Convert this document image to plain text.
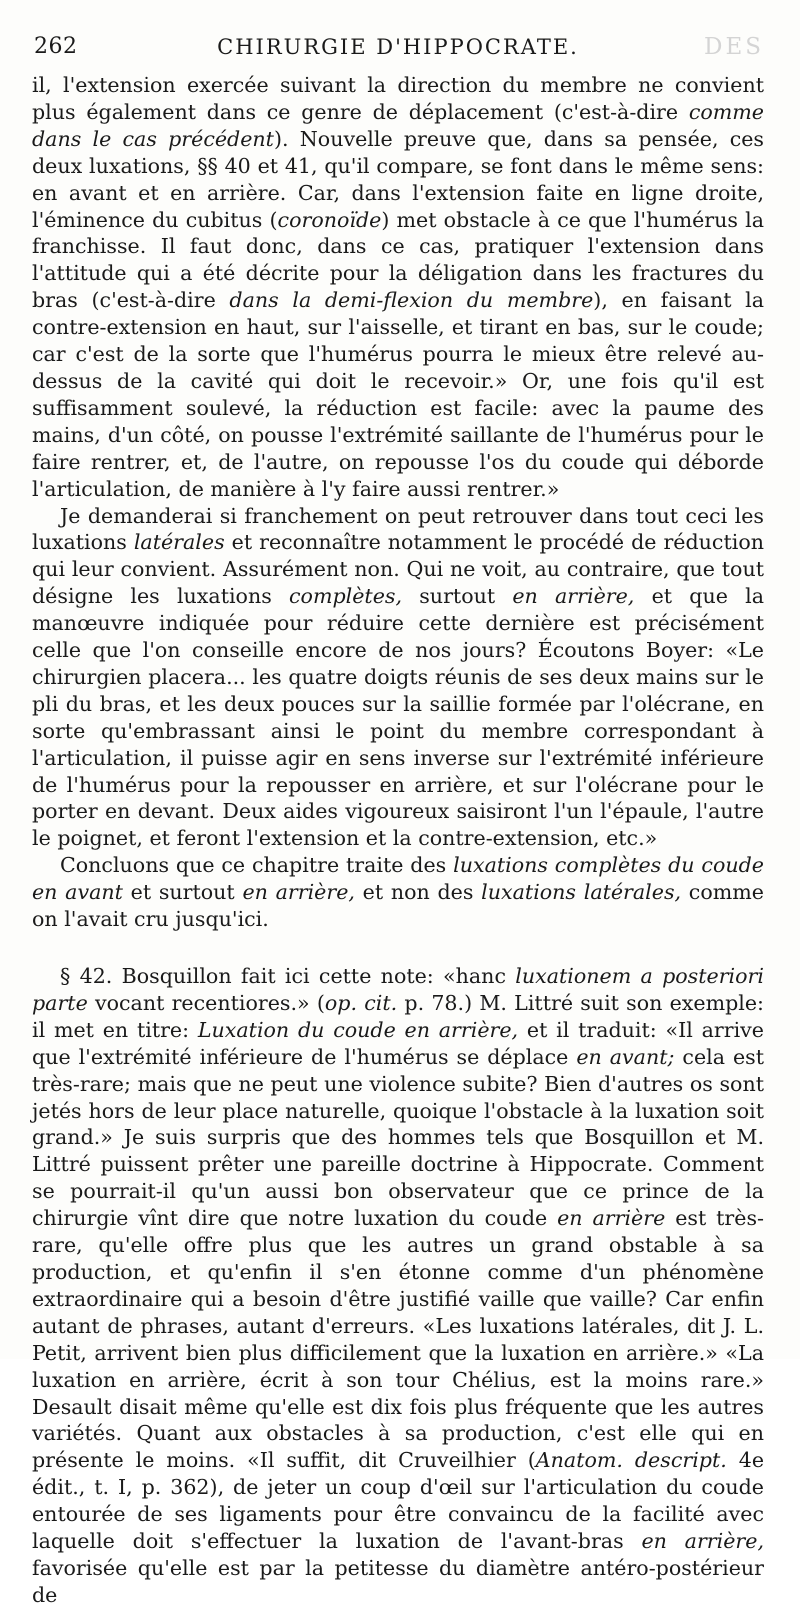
262	CHIRURGIE D'HIPPOCRATE.	DES

il, l'extension exercée suivant la direction du membre ne convient plus également dans ce genre de déplacement (c'est-à-dire comme dans le cas précédent). Nouvelle preuve que, dans sa pensée, ces deux luxations, §§ 40 et 41, qu'il compare, se font dans le même sens: en avant et en arrière. Car, dans l'extension faite en ligne droite, l'éminence du cubitus (coronoïde) met obstacle à ce que l'humérus la franchisse. Il faut donc, dans ce cas, pratiquer l'extension dans l'attitude qui a été décrite pour la déligation dans les fractures du bras (c'est-à-dire dans la demi-flexion du membre), en faisant la contre-extension en haut, sur l'aisselle, et tirant en bas, sur le coude; car c'est de la sorte que l'humérus pourra le mieux être relevé au-dessus de la cavité qui doit le recevoir.» Or, une fois qu'il est suffisamment soulevé, la réduction est facile: avec la paume des mains, d'un côté, on pousse l'extrémité saillante de l'humérus pour le faire rentrer, et, de l'autre, on repousse l'os du coude qui déborde l'articulation, de manière à l'y faire aussi rentrer.»

Je demanderai si franchement on peut retrouver dans tout ceci les luxations latérales et reconnaître notamment le procédé de réduction qui leur convient. Assurément non. Qui ne voit, au contraire, que tout désigne les luxations complètes, surtout en arrière, et que la manœuvre indiquée pour réduire cette dernière est précisément celle que l'on conseille encore de nos jours? Écoutons Boyer: «Le chirurgien placera... les quatre doigts réunis de ses deux mains sur le pli du bras, et les deux pouces sur la saillie formée par l'olécrane, en sorte qu'embrassant ainsi le point du membre correspondant à l'articulation, il puisse agir en sens inverse sur l'extrémité inférieure de l'humérus pour la repousser en arrière, et sur l'olécrane pour le porter en devant. Deux aides vigoureux saisiront l'un l'épaule, l'autre le poignet, et feront l'extension et la contre-extension, etc.»

Concluons que ce chapitre traite des luxations complètes du coude en avant et surtout en arrière, et non des luxations latérales, comme on l'avait cru jusqu'ici.

§ 42. Bosquillon fait ici cette note: «hanc luxationem a posteriori parte vocant recentiores.» (op. cit. p. 78.) M. Littré suit son exemple: il met en titre: Luxation du coude en arrière, et il traduit: «Il arrive que l'extrémité inférieure de l'humérus se déplace en avant; cela est très-rare; mais que ne peut une violence subite? Bien d'autres os sont jetés hors de leur place naturelle, quoique l'obstacle à la luxation soit grand.» Je suis surpris que des hommes tels que Bosquillon et M. Littré puissent prêter une pareille doctrine à Hippocrate. Comment se pourrait-il qu'un aussi bon observateur que ce prince de la chirurgie vînt dire que notre luxation du coude en arrière est très-rare, qu'elle offre plus que les autres un grand obstable à sa production, et qu'enfin il s'en étonne comme d'un phénomène extraordinaire qui a besoin d'être justifié vaille que vaille? Car enfin autant de phrases, autant d'erreurs. «Les luxations latérales, dit J. L. Petit, arrivent bien plus difficilement que la luxation en arrière.» «La luxation en arrière, écrit à son tour Chélius, est la moins rare.» Desault disait même qu'elle est dix fois plus fréquente que les autres variétés. Quant aux obstacles à sa production, c'est elle qui en présente le moins. «Il suffit, dit Cruveilhier (Anatom. descript. 4e édit., t. I, p. 362), de jeter un coup d'œil sur l'articulation du coude entourée de ses ligaments pour être convaincu de la facilité avec laquelle doit s'effectuer la luxation de l'avant-bras en arrière, favorisée qu'elle est par la petitesse du diamètre antéro-postérieur de
